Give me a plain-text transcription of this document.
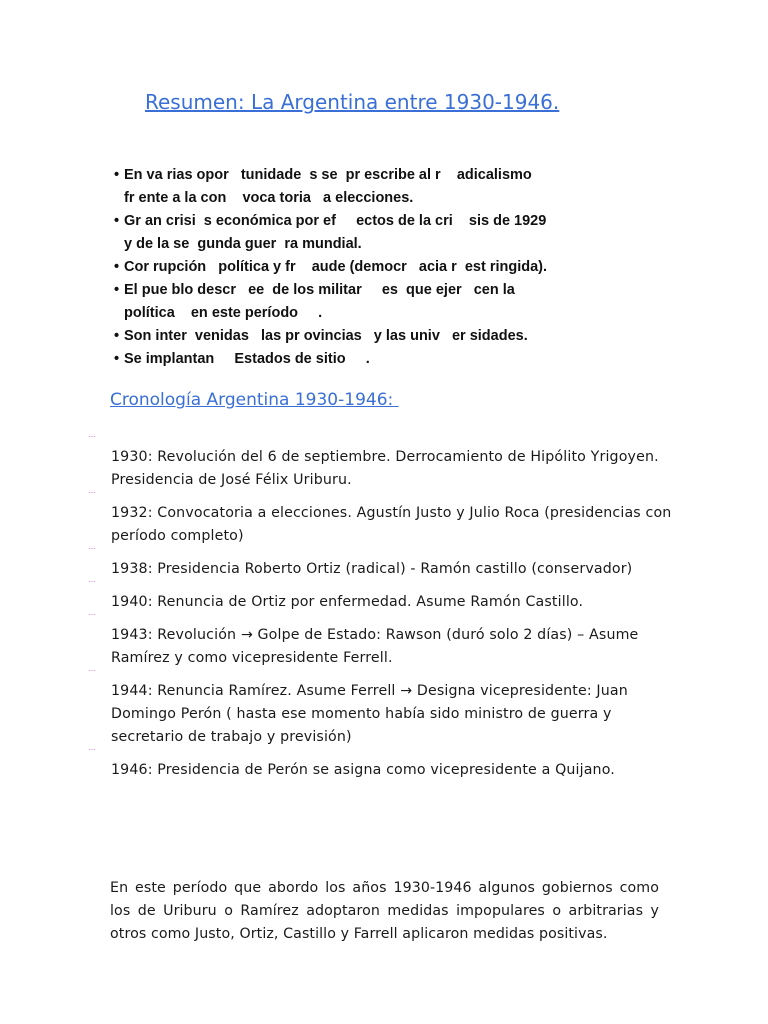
Resumen: La Argentina entre 1930-1946.
• En va rias opor   tunidade  s se  pr escribe al r    adicalismo
fr ente a la con    voca toria   a elecciones.
• Gr an crisi  s económica por ef     ectos de la cri    sis de 1929
y de la se  gunda guer  ra mundial.
• Cor rupción   política y fr    aude (democr   acia r  est ringida).
• El pue blo descr   ee  de los militar     es  que ejer   cen la
política    en este período     .
• Son inter  venidas   las pr ovincias   y las univ   er sidades.
• Se implantan     Estados de sitio     .
Cronología Argentina 1930-1946:
¨¨
1930: Revolución del 6 de septiembre. Derrocamiento de Hipólito Yrigoyen. Presidencia de José Félix Uriburu.
¨¨
1932: Convocatoria a elecciones. Agustín Justo y Julio Roca (presidencias con período completo)
¨¨
1938: Presidencia Roberto Ortiz (radical) - Ramón castillo (conservador)
¨¨
1940: Renuncia de Ortiz por enfermedad. Asume Ramón Castillo.
¨¨
1943: Revolución → Golpe de Estado: Rawson (duró solo 2 días) – Asume Ramírez y como vicepresidente Ferrell.
¨¨
1944: Renuncia Ramírez. Asume Ferrell → Designa vicepresidente: Juan Domingo Perón ( hasta ese momento había sido ministro de guerra y secretario de trabajo y previsión)
¨¨
1946: Presidencia de Perón se asigna como vicepresidente a Quijano.

En este período que abordo los años 1930-1946 algunos gobiernos como los de Uriburu o Ramírez adoptaron medidas impopulares o arbitrarias y otros como Justo, Ortiz, Castillo y Farrell aplicaron medidas positivas.
